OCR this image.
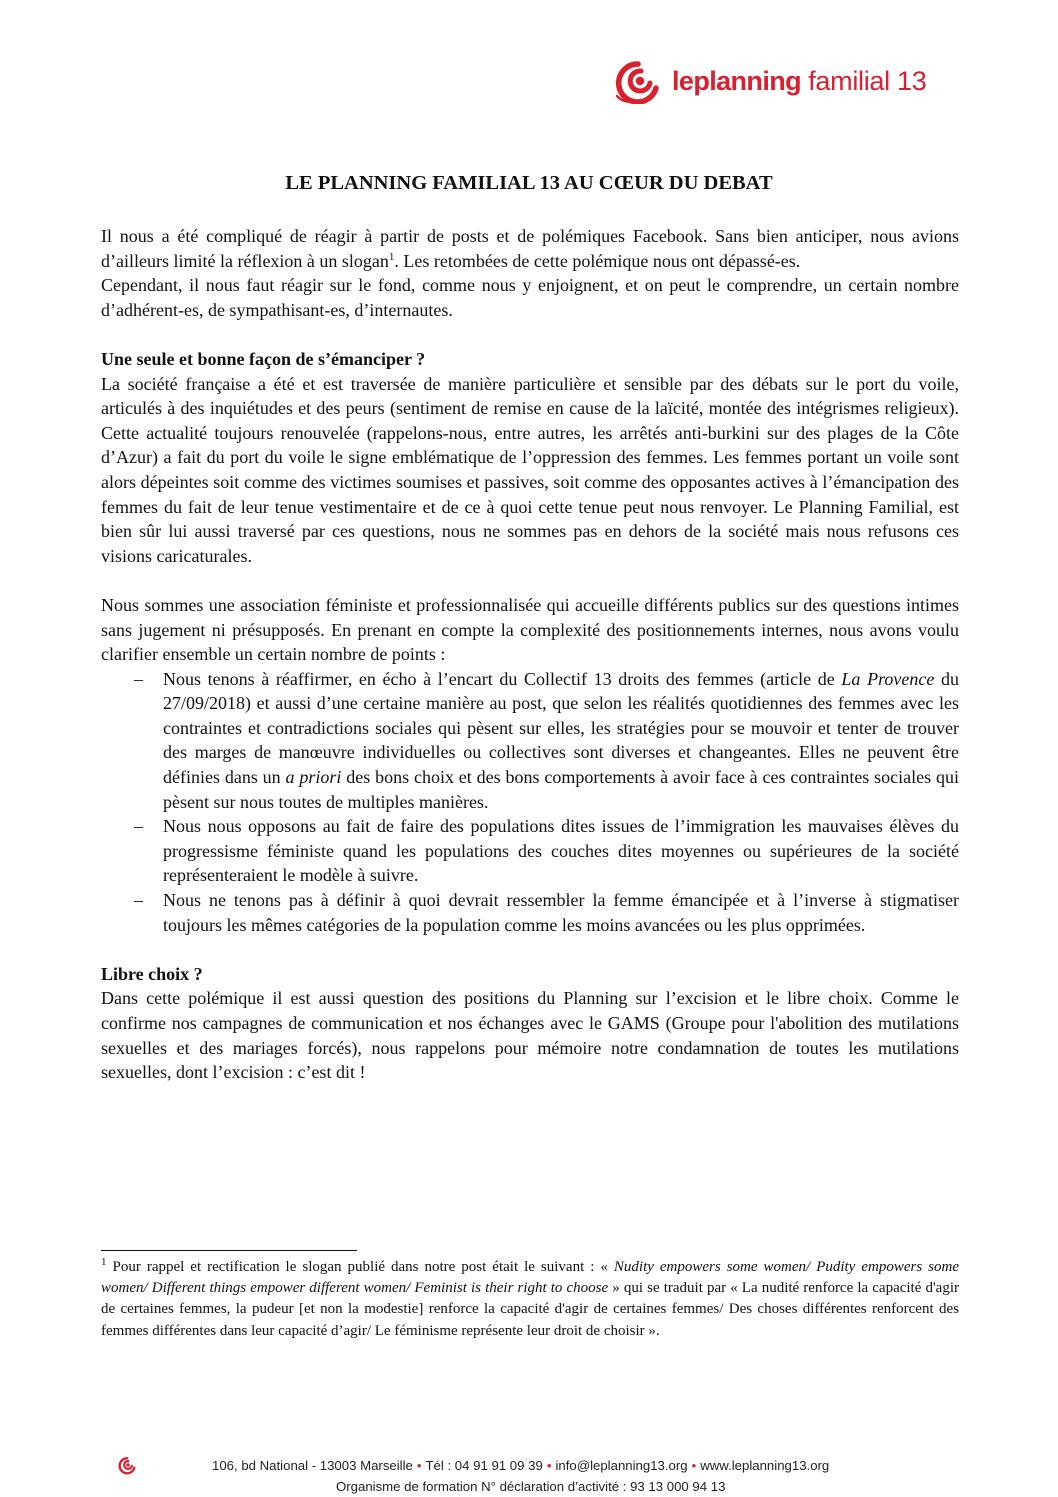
leplanning familial 13
LE PLANNING FAMILIAL 13 AU CŒUR DU DEBAT

Il nous a été compliqué de réagir à partir de posts et de polémiques Facebook. Sans bien anticiper, nous avions d’ailleurs limité la réflexion à un slogan$^1$. Les retombées de cette polémique nous ont dépassé-es.

Cependant, il nous faut réagir sur le fond, comme nous y enjoignent, et on peut le comprendre, un certain nombre d’adhérent-es, de sympathisant-es, d’internautes.

Une seule et bonne façon de s’émanciper ?

La société française a été et est traversée de manière particulière et sensible par des débats sur le port du voile, articulés à des inquiétudes et des peurs (sentiment de remise en cause de la laïcité, montée des intégrismes religieux). Cette actualité toujours renouvelée (rappelons-nous, entre autres, les arrêtés anti-burkini sur des plages de la Côte d’Azur) a fait du port du voile le signe emblématique de l’oppression des femmes. Les femmes portant un voile sont alors dépeintes soit comme des victimes soumises et passives, soit comme des opposantes actives à l’émancipation des femmes du fait de leur tenue vestimentaire et de ce à quoi cette tenue peut nous renvoyer. Le Planning Familial, est bien sûr lui aussi traversé par ces questions, nous ne sommes pas en dehors de la société mais nous refusons ces visions caricaturales.

Nous sommes une association féministe et professionnalisée qui accueille différents publics sur des questions intimes sans jugement ni présupposés. En prenant en compte la complexité des positionnements internes, nous avons voulu clarifier ensemble un certain nombre de points :

– Nous tenons à réaffirmer, en écho à l’encart du Collectif 13 droits des femmes (article de La Provence du 27/09/2018) et aussi d’une certaine manière au post, que selon les réalités quotidiennes des femmes avec les contraintes et contradictions sociales qui pèsent sur elles, les stratégies pour se mouvoir et tenter de trouver des marges de manœuvre individuelles ou collectives sont diverses et changeantes. Elles ne peuvent être définies dans un a priori des bons choix et des bons comportements à avoir face à ces contraintes sociales qui pèsent sur nous toutes de multiples manières.
– Nous nous opposons au fait de faire des populations dites issues de l’immigration les mauvaises élèves du progressisme féministe quand les populations des couches dites moyennes ou supérieures de la société représenteraient le modèle à suivre.
– Nous ne tenons pas à définir à quoi devrait ressembler la femme émancipée et à l’inverse à stigmatiser toujours les mêmes catégories de la population comme les moins avancées ou les plus opprimées.
Libre choix ?

Dans cette polémique il est aussi question des positions du Planning sur l’excision et le libre choix. Comme le confirme nos campagnes de communication et nos échanges avec le GAMS (Groupe pour l'abolition des mutilations sexuelles et des mariages forcés), nous rappelons pour mémoire notre condamnation de toutes les mutilations sexuelles, dont l’excision : c’est dit !

$^1$ Pour rappel et rectification le slogan publié dans notre post était le suivant : « Nudity empowers some women/ Pudity empowers some women/ Different things empower different women/ Feminist is their right to choose » qui se traduit par « La nudité renforce la capacité d'agir de certaines femmes, la pudeur [et non la modestie] renforce la capacité d'agir de certaines femmes/ Des choses différentes renforcent des femmes différentes dans leur capacité d’agir/ Le féminisme représente leur droit de choisir ».

106, bd National - 13003 Marseille • Tél : 04 91 91 09 39 • info@leplanning13.org • www.leplanning13.org
Organisme de formation N° déclaration d’activité : 93 13 000 94 13
